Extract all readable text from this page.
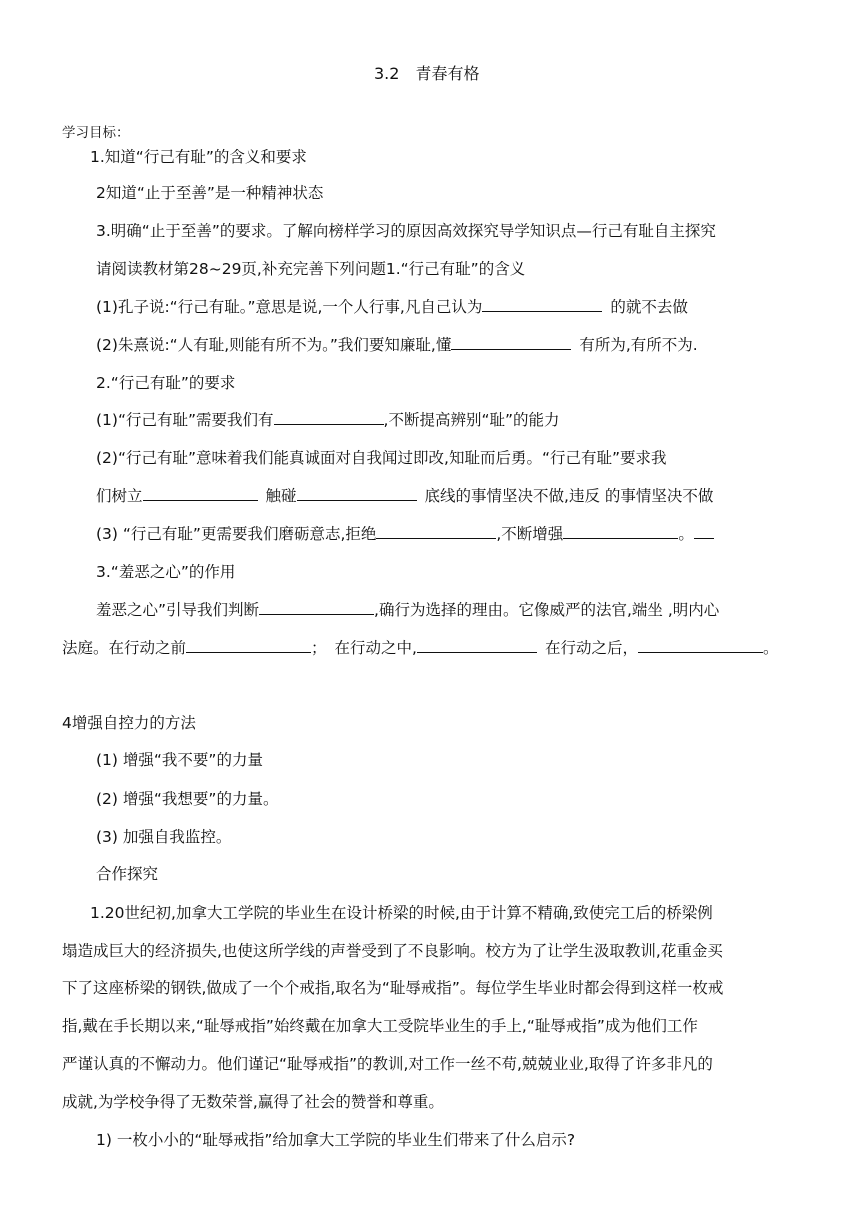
3.2　青春有格
学习目标：
1.知道“行己有耻”的含义和要求
2知道“止于至善”是一种精神状态
3.明确“止于至善”的要求。了解向榜样学习的原因高效探究导学知识点—行己有耻自主探究
请阅读教材第28~29页,补充完善下列问题1.“行己有耻”的含义
(1)孔子说:“行己有耻。”意思是说,一个人行事,凡自己认为	的就不去做
(2)朱熹说:“人有耻,则能有所不为。”我们要知廉耻,懂	有所为,有所不为.
2.“行己有耻”的要求
(1)“行己有耻”需要我们有	,不断提高辨别“耻”的能力
(2)“行己有耻”意味着我们能真诚面对自我闻过即改,知耻而后勇。“行己有耻”要求我
们树立	触碰	底线的事情坚决不做,违反 的事情坚决不做
(3) “行己有耻”更需要我们磨砺意志,拒绝	,不断增强	。
3.“羞恶之心”的作用
羞恶之心”引导我们判断	,确行为选择的理由。它像威严的法官,端坐 ,明内心
法庭。在行动之前	； 在行动之中,	在行动之后，	。
4增强自控力的方法
(1) 增强“我不要”的力量
(2) 增强“我想要”的力量。
(3) 加强自我监控。
合作探究
1.20世纪初,加拿大工学院的毕业生在设计桥梁的时候,由于计算不精确,致使完工后的桥梁例
塌造成巨大的经济损失,也使这所学线的声誉受到了不良影响。校方为了让学生汲取教训,花重金买
下了这座桥梁的钢铁,做成了一个个戒指,取名为“耻辱戒指”。每位学生毕业时都会得到这样一枚戒
指,戴在手长期以来,“耻辱戒指”始终戴在加拿大工受院毕业生的手上,“耻辱戒指”成为他们工作
严谨认真的不懈动力。他们谨记“耻辱戒指”的教训,对工作一丝不苟,兢兢业业,取得了许多非凡的
成就,为学校争得了无数荣誉,赢得了社会的赞誉和尊重。
1) 一枚小小的“耻辱戒指”给加拿大工学院的毕业生们带来了什么启示?
